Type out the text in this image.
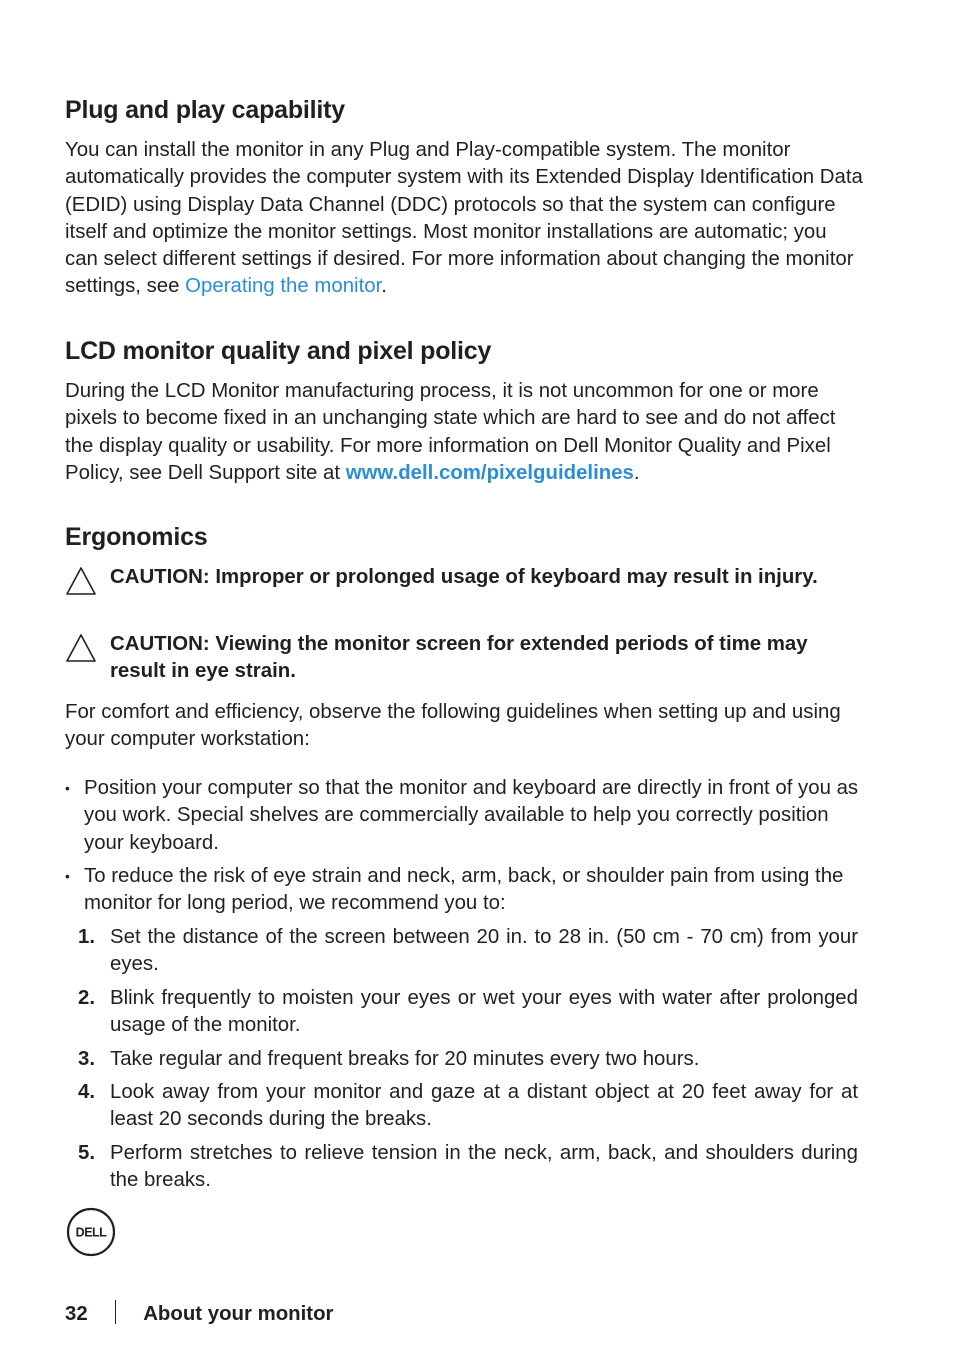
Plug and play capability

You can install the monitor in any Plug and Play-compatible system. The monitor automatically provides the computer system with its Extended Display Identification Data (EDID) using Display Data Channel (DDC) protocols so that the system can configure itself and optimize the monitor settings. Most monitor installations are automatic; you can select different settings if desired. For more information about changing the monitor settings, see Operating the monitor.

LCD monitor quality and pixel policy

During the LCD Monitor manufacturing process, it is not uncommon for one or more pixels to become fixed in an unchanging state which are hard to see and do not affect the display quality or usability. For more information on Dell Monitor Quality and Pixel Policy, see Dell Support site at www.dell.com/pixelguidelines.

Ergonomics
CAUTION: Improper or prolonged usage of keyboard may result in injury.
CAUTION: Viewing the monitor screen for extended periods of time may result in eye strain.

For comfort and efficiency, observe the following guidelines when setting up and using your computer workstation:

• Position your computer so that the monitor and keyboard are directly in front of you as you work. Special shelves are commercially available to help you correctly position your keyboard.
• To reduce the risk of eye strain and neck, arm, back, or shoulder pain from using the monitor for long period, we recommend you to:
1. Set the distance of the screen between 20 in. to 28 in. (50 cm - 70 cm) from your eyes.
2. Blink frequently to moisten your eyes or wet your eyes with water after prolonged usage of the monitor.
3. Take regular and frequent breaks for 20 minutes every two hours.
4. Look away from your monitor and gaze at a distant object at 20 feet away for at least 20 seconds during the breaks.
5. Perform stretches to relieve tension in the neck, arm, back, and shoulders during the breaks.
DELL
32	About your monitor
